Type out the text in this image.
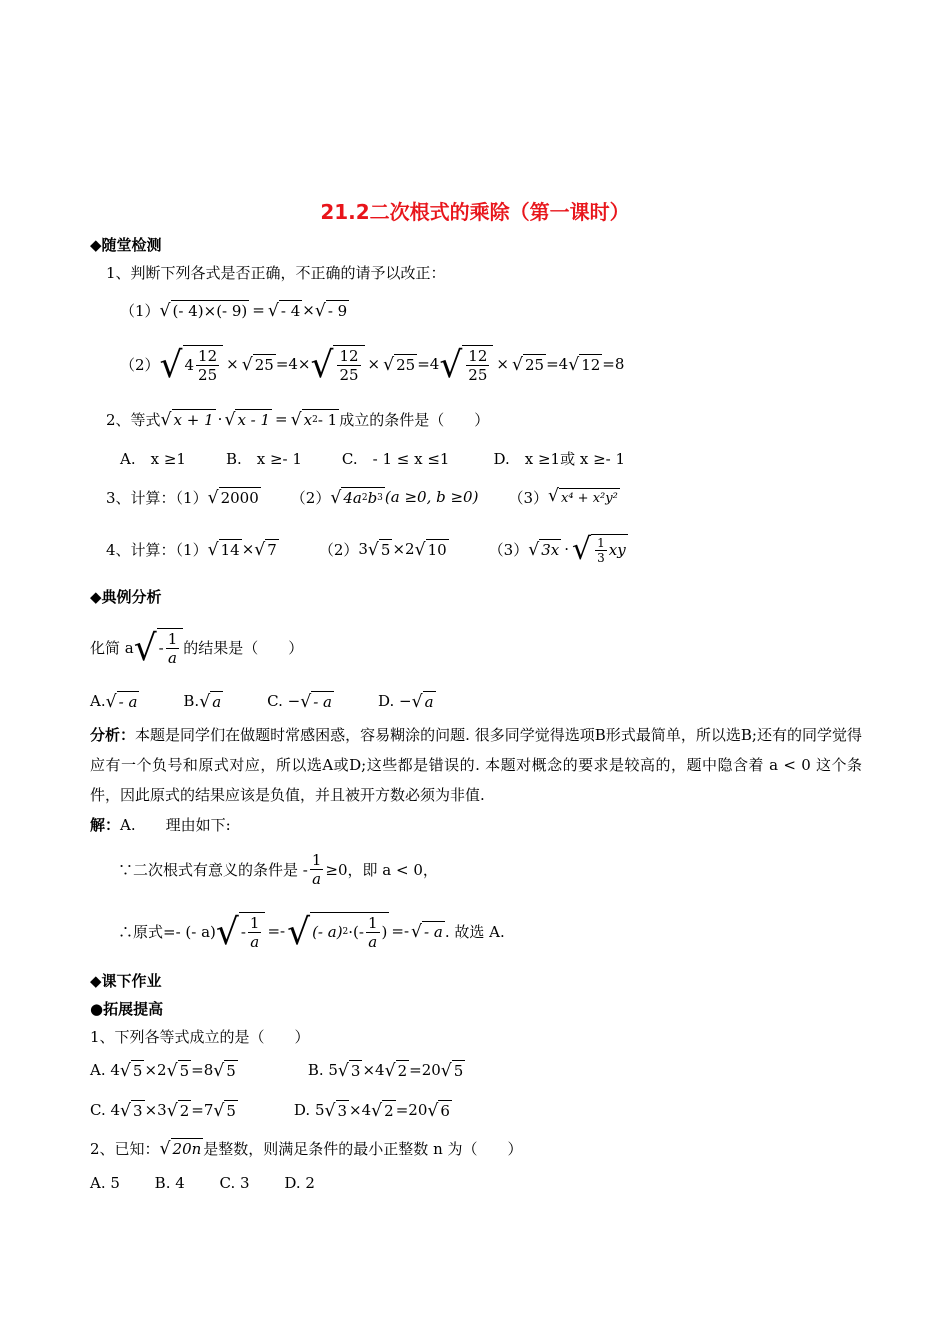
21.2二次根式的乘除（第一课时）
◆随堂检测
1、判断下列各式是否正确，不正确的请予以改正：
（1） √ (- 4)×(- 9) = √ - 4 × √ - 9
（2） √ $4 \frac{12}{25}$ × √ 25 =4× √ $\frac{12}{25}$ × √ 25 =4 √ $\frac{12}{25}$ × √ 25 =4 √ 12 =8
2、等式 √ x + 1 · √ x - 1 = √ x 2 - 1 成立的条件是（　　）
A.　x ≥1	B.　x ≥- 1	C.　- 1 ≤ x ≤1	D.　x ≥1或 x ≥- 1
3、计算：（1） √ 2000 （2） √ 4a 2 b 3 (a ≥0, b ≥0) （3） √ x⁴ + x²y²
4、计算：（1） √ 14 × √ 7	（2） 3 √ 5 ×2 √ 10	（3） √ 3x · √ $\frac{1}{3}$ xy
◆典例分析
化简 a √ - $\frac{1}{a}$ 的结果是（　　）
A. √ - a	B. √ a	C. − √ - a	D. − √ a
分析：本题是同学们在做题时常感困惑，容易糊涂的问题. 很多同学觉得选项B形式最简单，所以选B;还有的同学觉得应有一个负号和原式对应，所以选A或D;这些都是错误的. 本题对概念的要求是较高的，题中隐含着 a < 0 这个条件，因此原式的结果应该是负值，并且被开方数必须为非值.
解： A.　　理由如下:
∵二次根式有意义的条件是 - $\frac{1}{a} \ge 0$，即 a < 0，
∴原式=- (- a) √ - $\frac{1}{a}$ =- √ (- a) 2 ·(- $\frac{1}{a}$ ) =- √ - a . 故选 A.
◆课下作业
●拓展提高
1、下列各等式成立的是（　　）
A. 4 √ 5 ×2 √ 5 =8 √ 5	B. 5 √ 3 ×4 √ 2 =20 √ 5
C. 4 √ 3 ×3 √ 2 =7 √ 5	D. 5 √ 3 ×4 √ 2 =20 √ 6
2、已知： √ 20n 是整数，则满足条件的最小正整数 n 为（　　）
A. 5　　 B. 4　　 C. 3　　 D. 2
